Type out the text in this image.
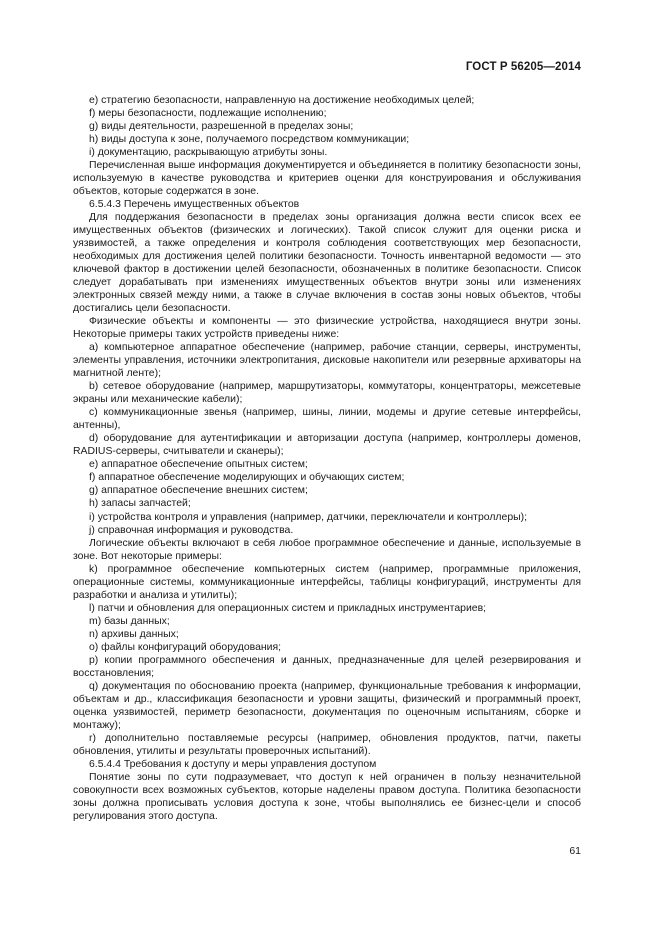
ГОСТ Р 56205—2014

e) стратегию безопасности, направленную на достижение необходимых целей;

f) меры безопасности, подлежащие исполнению;

g) виды деятельности, разрешенной в пределах зоны;

h) виды доступа к зоне, получаемого посредством коммуникации;

i) документацию, раскрывающую атрибуты зоны.

Перечисленная выше информация документируется и объединяется в политику безопасности зоны, используемую в качестве руководства и критериев оценки для конструирования и обслуживания объектов, которые содержатся в зоне.

6.5.4.3 Перечень имущественных объектов

Для поддержания безопасности в пределах зоны организация должна вести список всех ее имущественных объектов (физических и логических). Такой список служит для оценки риска и уязвимостей, а также определения и контроля соблюдения соответствующих мер безопасности, необходимых для достижения целей политики безопасности. Точность инвентарной ведомости — это ключевой фактор в достижении целей безопасности, обозначенных в политике безопасности. Список следует дорабатывать при изменениях имущественных объектов внутри зоны или изменениях электронных связей между ними, а также в случае включения в состав зоны новых объектов, чтобы достигались цели безопасности.

Физические объекты и компоненты — это физические устройства, находящиеся внутри зоны. Некоторые примеры таких устройств приведены ниже:

a) компьютерное аппаратное обеспечение (например, рабочие станции, серверы, инструменты, элементы управления, источники электропитания, дисковые накопители или резервные архиваторы на магнитной ленте);

b) сетевое оборудование (например, маршрутизаторы, коммутаторы, концентраторы, межсетевые экраны или механические кабели);

c) коммуникационные звенья (например, шины, линии, модемы и другие сетевые интерфейсы, антенны),

d) оборудование для аутентификации и авторизации доступа (например, контроллеры доменов, RADIUS-серверы, считыватели и сканеры);

e) аппаратное обеспечение опытных систем;

f) аппаратное обеспечение моделирующих и обучающих систем;

g) аппаратное обеспечение внешних систем;

h) запасы запчастей;

i) устройства контроля и управления (например, датчики, переключатели и контроллеры);

j) справочная информация и руководства.

Логические объекты включают в себя любое программное обеспечение и данные, используемые в зоне. Вот некоторые примеры:

k) программное обеспечение компьютерных систем (например, программные приложения, операционные системы, коммуникационные интерфейсы, таблицы конфигураций, инструменты для разработки и анализа и утилиты);

l) патчи и обновления для операционных систем и прикладных инструментариев;

m) базы данных;

n) архивы данных;

o) файлы конфигураций оборудования;

p) копии программного обеспечения и данных, предназначенные для целей резервирования и восстановления;

q) документация по обоснованию проекта (например, функциональные требования к информации, объектам и др., классификация безопасности и уровни защиты, физический и программный проект, оценка уязвимостей, периметр безопасности, документация по оценочным испытаниям, сборке и монтажу);

r) дополнительно поставляемые ресурсы (например, обновления продуктов, патчи, пакеты обновления, утилиты и результаты проверочных испытаний).

6.5.4.4 Требования к доступу и меры управления доступом

Понятие зоны по сути подразумевает, что доступ к ней ограничен в пользу незначительной совокупности всех возможных субъектов, которые наделены правом доступа. Политика безопасности зоны должна прописывать условия доступа к зоне, чтобы выполнялись ее бизнес-цели и способ регулирования этого доступа.

61
